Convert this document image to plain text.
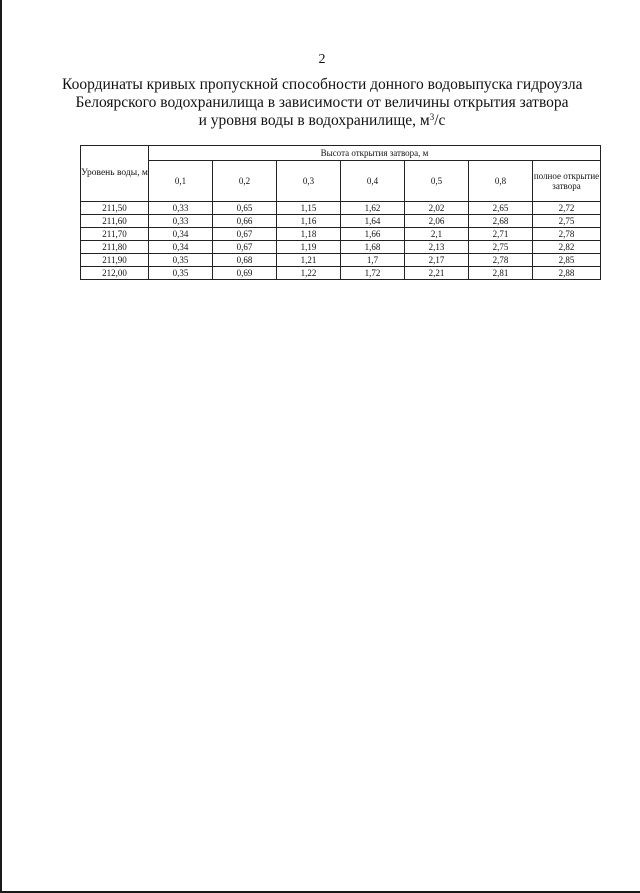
2
Координаты кривых пропускной способности донного водовыпуска гидроузла
Белоярского водохранилища в зависимости от величины открытия затвора
и уровня воды в водохранилище, $м^3/с$
Уровень воды, м	Высота открытия затвора, м						
	0,1	0,2	0,3	0,4	0,5	0,8	полное открытие затвора
211,50	0,33	0,65	1,15	1,62	2,02	2,65	2,72
211,60	0,33	0,66	1,16	1,64	2,06	2,68	2,75
211,70	0,34	0,67	1,18	1,66	2,1	2,71	2,78
211,80	0,34	0,67	1,19	1,68	2,13	2,75	2,82
211,90	0,35	0,68	1,21	1,7	2,17	2,78	2,85
212,00	0,35	0,69	1,22	1,72	2,21	2,81	2,88
